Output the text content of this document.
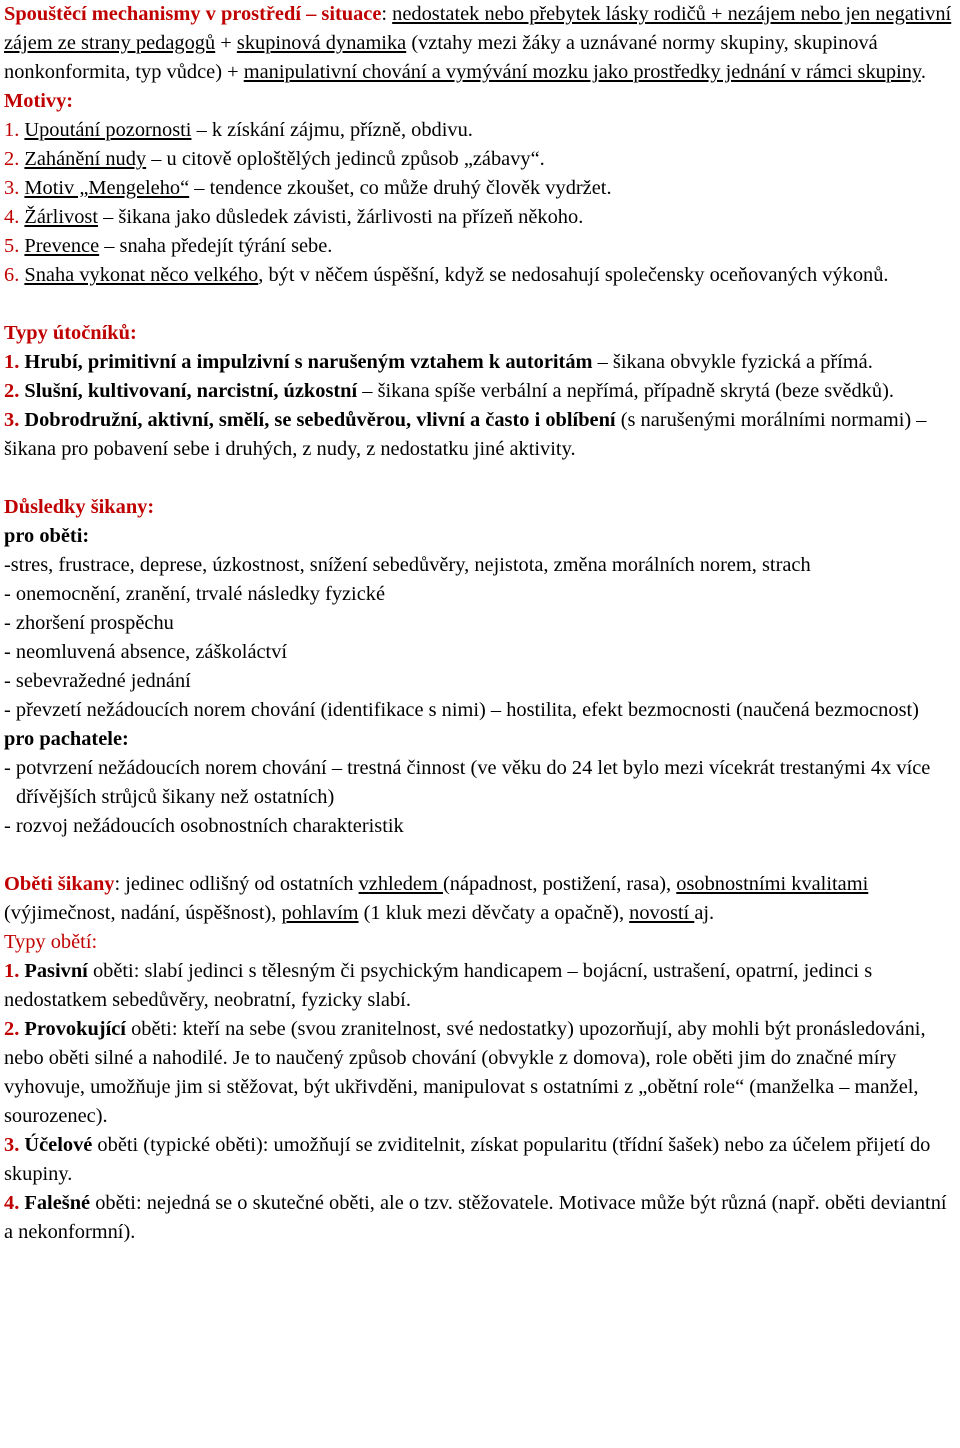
Spouštěcí mechanismy v prostředí – situace: nedostatek nebo přebytek lásky rodičů + nezájem nebo jen negativní zájem ze strany pedagogů + skupinová dynamika (vztahy mezi žáky a uznávané normy skupiny, skupinová nonkonformita, typ vůdce) + manipulativní chování a vymývání mozku jako prostředky jednání v rámci skupiny.

Motivy:

1. Upoutání pozornosti – k získání zájmu, přízně, obdivu.

2. Zahánění nudy – u citově oploštělých jedinců způsob „zábavy“.

3. Motiv „Mengeleho“ – tendence zkoušet, co může druhý člověk vydržet.

4. Žárlivost – šikana jako důsledek závisti, žárlivosti na přízeň někoho.

5. Prevence – snaha předejít týrání sebe.

6. Snaha vykonat něco velkého, být v něčem úspěšní, když se nedosahují společensky oceňovaných výkonů.

Typy útočníků:

1. Hrubí, primitivní a impulzivní s narušeným vztahem k autoritám – šikana obvykle fyzická a přímá.

2. Slušní, kultivovaní, narcistní, úzkostní – šikana spíše verbální a nepřímá, případně skrytá (beze svědků).

3. Dobrodružní, aktivní, smělí, se sebedůvěrou, vlivní a často i oblíbení (s narušenými morálními normami) – šikana pro pobavení sebe i druhých, z nudy, z nedostatku jiné aktivity.

Důsledky šikany:

pro oběti:

-stres, frustrace, deprese, úzkostnost, snížení sebedůvěry, nejistota, změna morálních norem, strach

- onemocnění, zranění, trvalé následky fyzické

- zhoršení prospěchu

- neomluvená absence, záškoláctví

- sebevražedné jednání

- převzetí nežádoucích norem chování (identifikace s nimi) – hostilita, efekt bezmocnosti (naučená bezmocnost)

pro pachatele:

- potvrzení nežádoucích norem chování – trestná činnost (ve věku do 24 let bylo mezi vícekrát trestanými 4x více dřívějších strůjců šikany než ostatních)

- rozvoj nežádoucích osobnostních charakteristik

Oběti šikany: jedinec odlišný od ostatních vzhledem (nápadnost, postižení, rasa), osobnostními kvalitami (výjimečnost, nadání, úspěšnost), pohlavím (1 kluk mezi děvčaty a opačně), novostí aj.

Typy obětí:

1. Pasivní oběti: slabí jedinci s tělesným či psychickým handicapem – bojácní, ustrašení, opatrní, jedinci s nedostatkem sebedůvěry, neobratní, fyzicky slabí.

2. Provokující oběti: kteří na sebe (svou zranitelnost, své nedostatky) upozorňují, aby mohli být pronásledováni, nebo oběti silné a nahodilé. Je to naučený způsob chování (obvykle z domova), role oběti jim do značné míry vyhovuje, umožňuje jim si stěžovat, být ukřivděni, manipulovat s ostatními z „obětní role“ (manželka – manžel, sourozenec).

3. Účelové oběti (typické oběti): umožňují se zviditelnit, získat popularitu (třídní šašek) nebo za účelem přijetí do skupiny.

4. Falešné oběti: nejedná se o skutečné oběti, ale o tzv. stěžovatele. Motivace může být různá (např. oběti deviantní a nekonformní).
